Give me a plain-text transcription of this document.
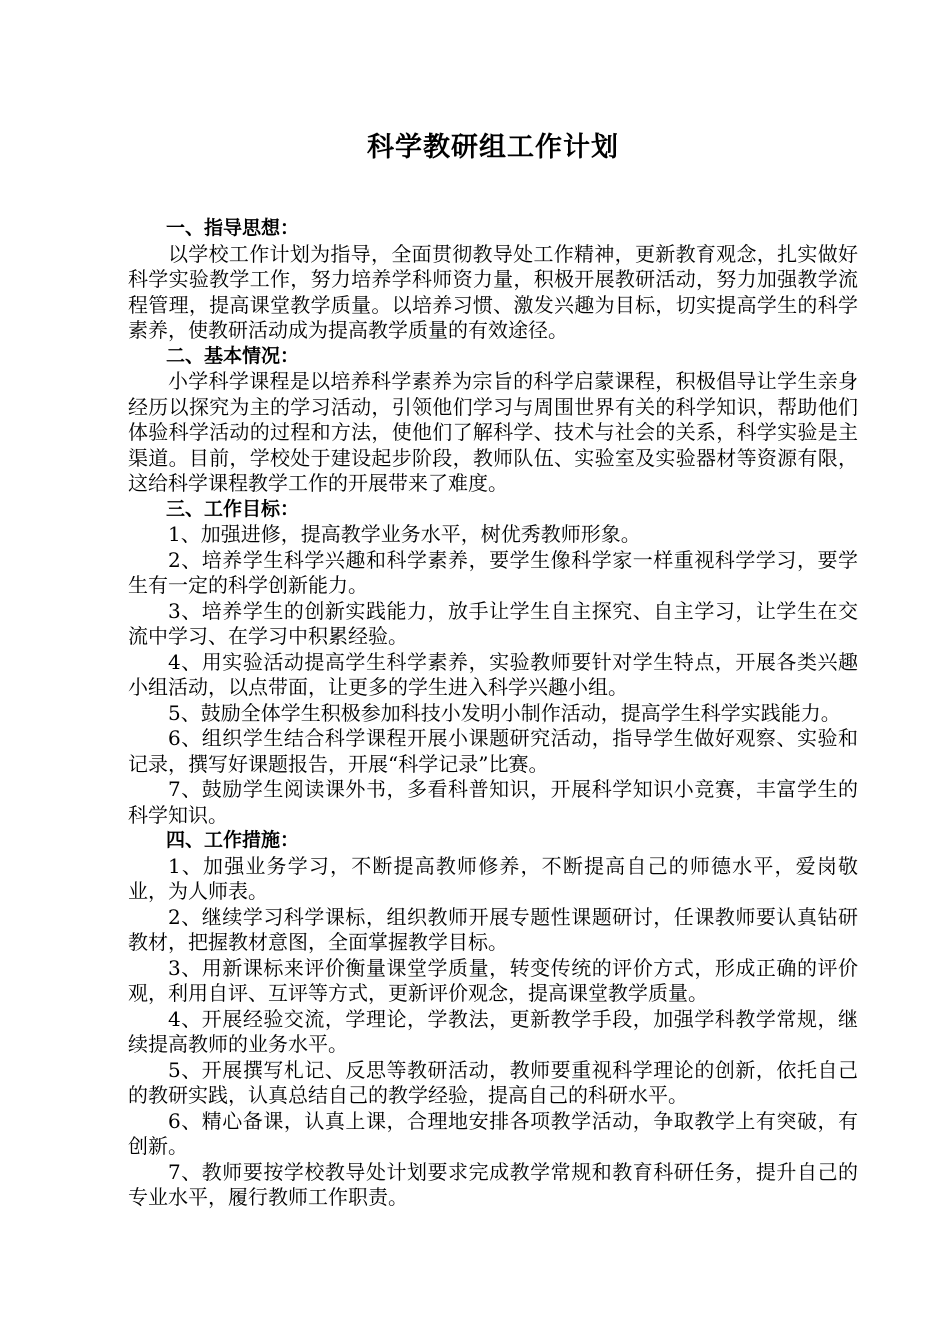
科学教研组工作计划

一、指导思想：

以学校工作计划为指导，全面贯彻教导处工作精神，更新教育观念，扎实做好科学实验教学工作，努力培养学科师资力量，积极开展教研活动，努力加强教学流程管理，提高课堂教学质量。以培养习惯、激发兴趣为目标，切实提高学生的科学素养，使教研活动成为提高教学质量的有效途径。

二、基本情况：

小学科学课程是以培养科学素养为宗旨的科学启蒙课程，积极倡导让学生亲身经历以探究为主的学习活动，引领他们学习与周围世界有关的科学知识，帮助他们体验科学活动的过程和方法，使他们了解科学、技术与社会的关系，科学实验是主渠道。目前，学校处于建设起步阶段，教师队伍、实验室及实验器材等资源有限，这给科学课程教学工作的开展带来了难度。

三、工作目标：

1、加强进修，提高教学业务水平，树优秀教师形象。

2、培养学生科学兴趣和科学素养，要学生像科学家一样重视科学学习，要学生有一定的科学创新能力。

3、培养学生的创新实践能力，放手让学生自主探究、自主学习，让学生在交流中学习、在学习中积累经验。

4、用实验活动提高学生科学素养，实验教师要针对学生特点，开展各类兴趣小组活动，以点带面，让更多的学生进入科学兴趣小组。

5、鼓励全体学生积极参加科技小发明小制作活动，提高学生科学实践能力。

6、组织学生结合科学课程开展小课题研究活动，指导学生做好观察、实验和记录，撰写好课题报告，开展“科学记录”比赛。

7、鼓励学生阅读课外书，多看科普知识，开展科学知识小竞赛，丰富学生的科学知识。

四、工作措施：

1、加强业务学习，不断提高教师修养，不断提高自己的师德水平，爱岗敬业，为人师表。

2、继续学习科学课标，组织教师开展专题性课题研讨，任课教师要认真钻研教材，把握教材意图，全面掌握教学目标。

3、用新课标来评价衡量课堂学质量，转变传统的评价方式，形成正确的评价观，利用自评、互评等方式，更新评价观念，提高课堂教学质量。

4、开展经验交流，学理论，学教法，更新教学手段，加强学科教学常规，继续提高教师的业务水平。

5、开展撰写札记、反思等教研活动，教师要重视科学理论的创新，依托自己的教研实践，认真总结自己的教学经验，提高自己的科研水平。

6、精心备课，认真上课，合理地安排各项教学活动，争取教学上有突破，有创新。

7、教师要按学校教导处计划要求完成教学常规和教育科研任务，提升自己的专业水平，履行教师工作职责。
